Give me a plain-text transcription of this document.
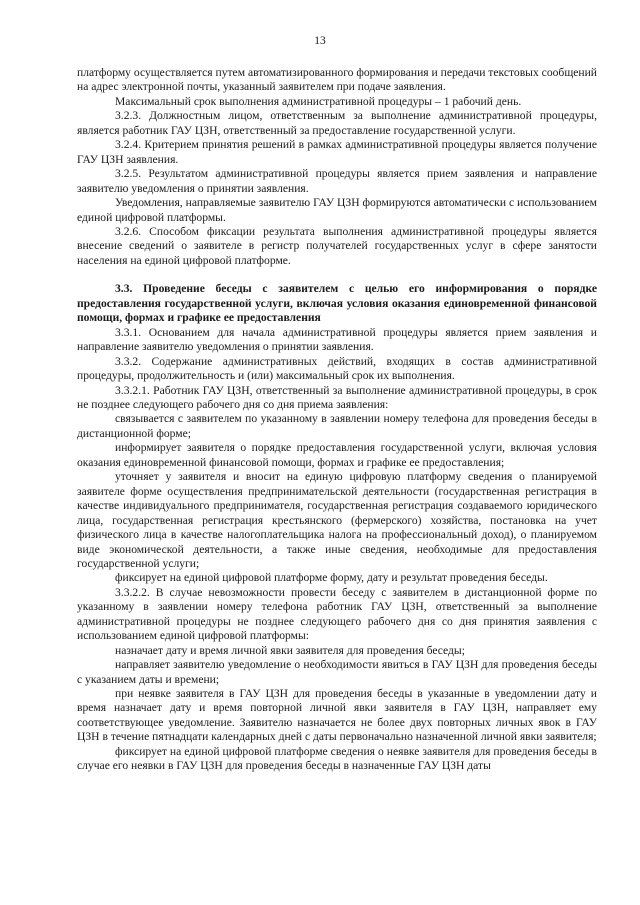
13

платформу осуществляется путем автоматизированного формирования и передачи текстовых сообщений на адрес электронной почты, указанный заявителем при подаче заявления.

Максимальный срок выполнения административной процедуры – 1 рабочий день.

3.2.3. Должностным лицом, ответственным за выполнение административной процедуры, является работник ГАУ ЦЗН, ответственный за предоставление государственной услуги.

3.2.4. Критерием принятия решений в рамках административной процедуры является получение ГАУ ЦЗН заявления.

3.2.5. Результатом административной процедуры является прием заявления и направление заявителю уведомления о принятии заявления.

Уведомления, направляемые заявителю ГАУ ЦЗН формируются автоматически с использованием единой цифровой платформы.

3.2.6. Способом фиксации результата выполнения административной процедуры является внесение сведений о заявителе в регистр получателей государственных услуг в сфере занятости населения на единой цифровой платформе.

3.3. Проведение беседы с заявителем с целью его информирования о порядке предоставления государственной услуги, включая условия оказания единовременной финансовой помощи, формах и графике ее предоставления

3.3.1. Основанием для начала административной процедуры является прием заявления и направление заявителю уведомления о принятии заявления.

3.3.2. Содержание административных действий, входящих в состав административной процедуры, продолжительность и (или) максимальный срок их выполнения.

3.3.2.1. Работник ГАУ ЦЗН, ответственный за выполнение административной процедуры, в срок не позднее следующего рабочего дня со дня приема заявления:

связывается с заявителем по указанному в заявлении номеру телефона для проведения беседы в дистанционной форме;

информирует заявителя о порядке предоставления государственной услуги, включая условия оказания единовременной финансовой помощи, формах и графике ее предоставления;

уточняет у заявителя и вносит на единую цифровую платформу сведения о планируемой заявителе форме осуществления предпринимательской деятельности (государственная регистрация в качестве индивидуального предпринимателя, государственная регистрация создаваемого юридического лица, государственная регистрация крестьянского (фермерского) хозяйства, постановка на учет физического лица в качестве налогоплательщика налога на профессиональный доход), о планируемом виде экономической деятельности, а также иные сведения, необходимые для предоставления государственной услуги;

фиксирует на единой цифровой платформе форму, дату и результат проведения беседы.

3.3.2.2. В случае невозможности провести беседу с заявителем в дистанционной форме по указанному в заявлении номеру телефона работник ГАУ ЦЗН, ответственный за выполнение административной процедуры не позднее следующего рабочего дня со дня принятия заявления с использованием единой цифровой платформы:

назначает дату и время личной явки заявителя для проведения беседы;

направляет заявителю уведомление о необходимости явиться в ГАУ ЦЗН для проведения беседы с указанием даты и времени;

при неявке заявителя в ГАУ ЦЗН для проведения беседы в указанные в уведомлении дату и время назначает дату и время повторной личной явки заявителя в ГАУ ЦЗН, направляет ему соответствующее уведомление. Заявителю назначается не более двух повторных личных явок в ГАУ ЦЗН в течение пятнадцати календарных дней с даты первоначально назначенной личной явки заявителя;

фиксирует на единой цифровой платформе сведения о неявке заявителя для проведения беседы в случае его неявки в ГАУ ЦЗН для проведения беседы в назначенные ГАУ ЦЗН даты
